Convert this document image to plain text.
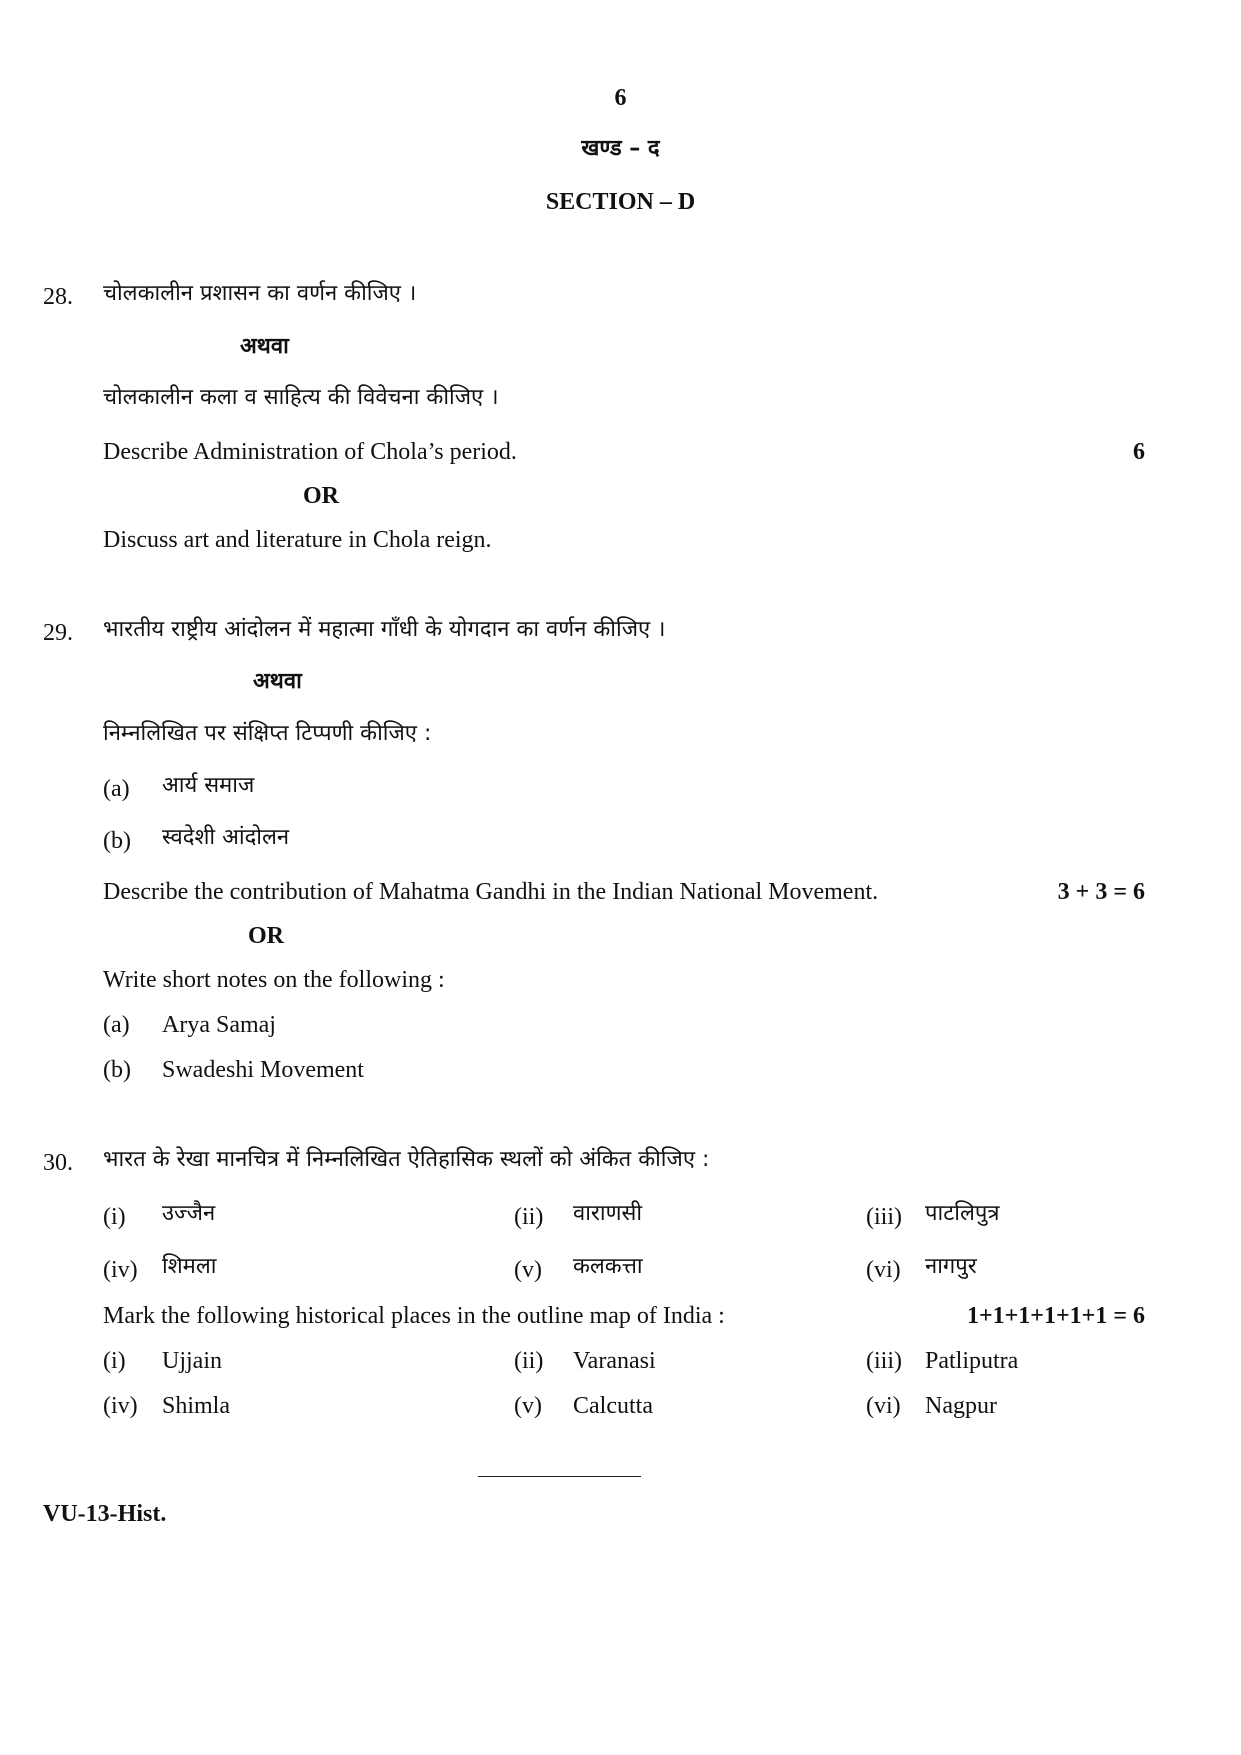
6
खण्ड – द
SECTION – D
28. चोलकालीन प्रशासन का वर्णन कीजिए ।
अथवा
चोलकालीन कला व साहित्य की विवेचना कीजिए ।
Describe Administration of Chola’s period.	6
OR
Discuss art and literature in Chola reign.
29. भारतीय राष्ट्रीय आंदोलन में महात्मा गाँधी के योगदान का वर्णन कीजिए ।
अथवा
निम्नलिखित पर संक्षिप्त टिप्पणी कीजिए :
(a) आर्य समाज
(b) स्वदेशी आंदोलन
Describe the contribution of Mahatma Gandhi in the Indian National Movement.	3 + 3 = 6
OR
Write short notes on the following :
(a) Arya Samaj
(b) Swadeshi Movement
30. भारत के रेखा मानचित्र में निम्नलिखित ऐतिहासिक स्थलों को अंकित कीजिए :
(i) उज्जैन	(ii) वाराणसी	(iii) पाटलिपुत्र
(iv) शिमला	(v) कलकत्ता	(vi) नागपुर
Mark the following historical places in the outline map of India :	1+1+1+1+1+1 = 6
(i) Ujjain	(ii) Varanasi	(iii) Patliputra
(iv) Shimla	(v) Calcutta	(vi) Nagpur
VU-13-Hist.
